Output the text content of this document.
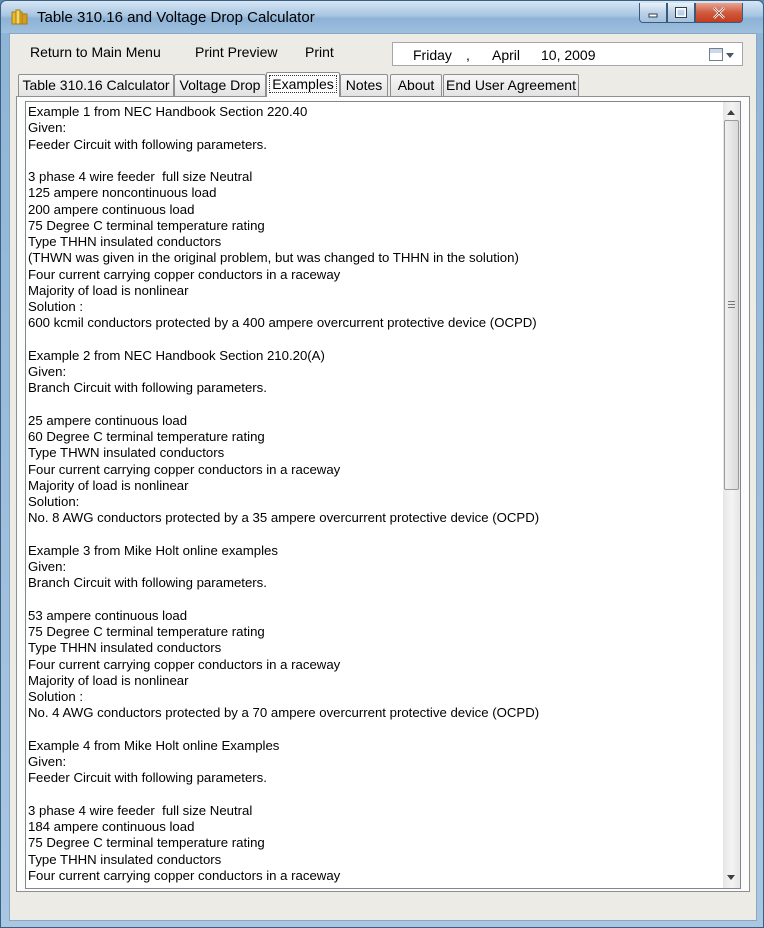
Table 310.16 and Voltage Drop Calculator
Return to Main Menu Print Preview Print	Friday , April 10, 2009
Table 310.16 Calculator Voltage Drop Examples Notes	About End User Agreement
Example 1 from NEC Handbook Section 220.40
Given:
Feeder Circuit with following parameters.
3 phase 4 wire feeder  full size Neutral
125 ampere noncontinuous load
200 ampere continuous load
75 Degree C terminal temperature rating
Type THHN insulated conductors
(THWN was given in the original problem, but was changed to THHN in the solution)
Four current carrying copper conductors in a raceway
Majority of load is nonlinear
Solution :
600 kcmil conductors protected by a 400 ampere overcurrent protective device (OCPD)
Example 2 from NEC Handbook Section 210.20(A)
Given:
Branch Circuit with following parameters.
25 ampere continuous load
60 Degree C terminal temperature rating
Type THWN insulated conductors
Four current carrying copper conductors in a raceway
Majority of load is nonlinear
Solution:
No. 8 AWG conductors protected by a 35 ampere overcurrent protective device (OCPD)
Example 3 from Mike Holt online examples
Given:
Branch Circuit with following parameters.
53 ampere continuous load
75 Degree C terminal temperature rating
Type THHN insulated conductors
Four current carrying copper conductors in a raceway
Majority of load is nonlinear
Solution :
No. 4 AWG conductors protected by a 70 ampere overcurrent protective device (OCPD)
Example 4 from Mike Holt online Examples
Given:
Feeder Circuit with following parameters.
3 phase 4 wire feeder  full size Neutral
184 ampere continuous load
75 Degree C terminal temperature rating
Type THHN insulated conductors
Four current carrying copper conductors in a raceway
